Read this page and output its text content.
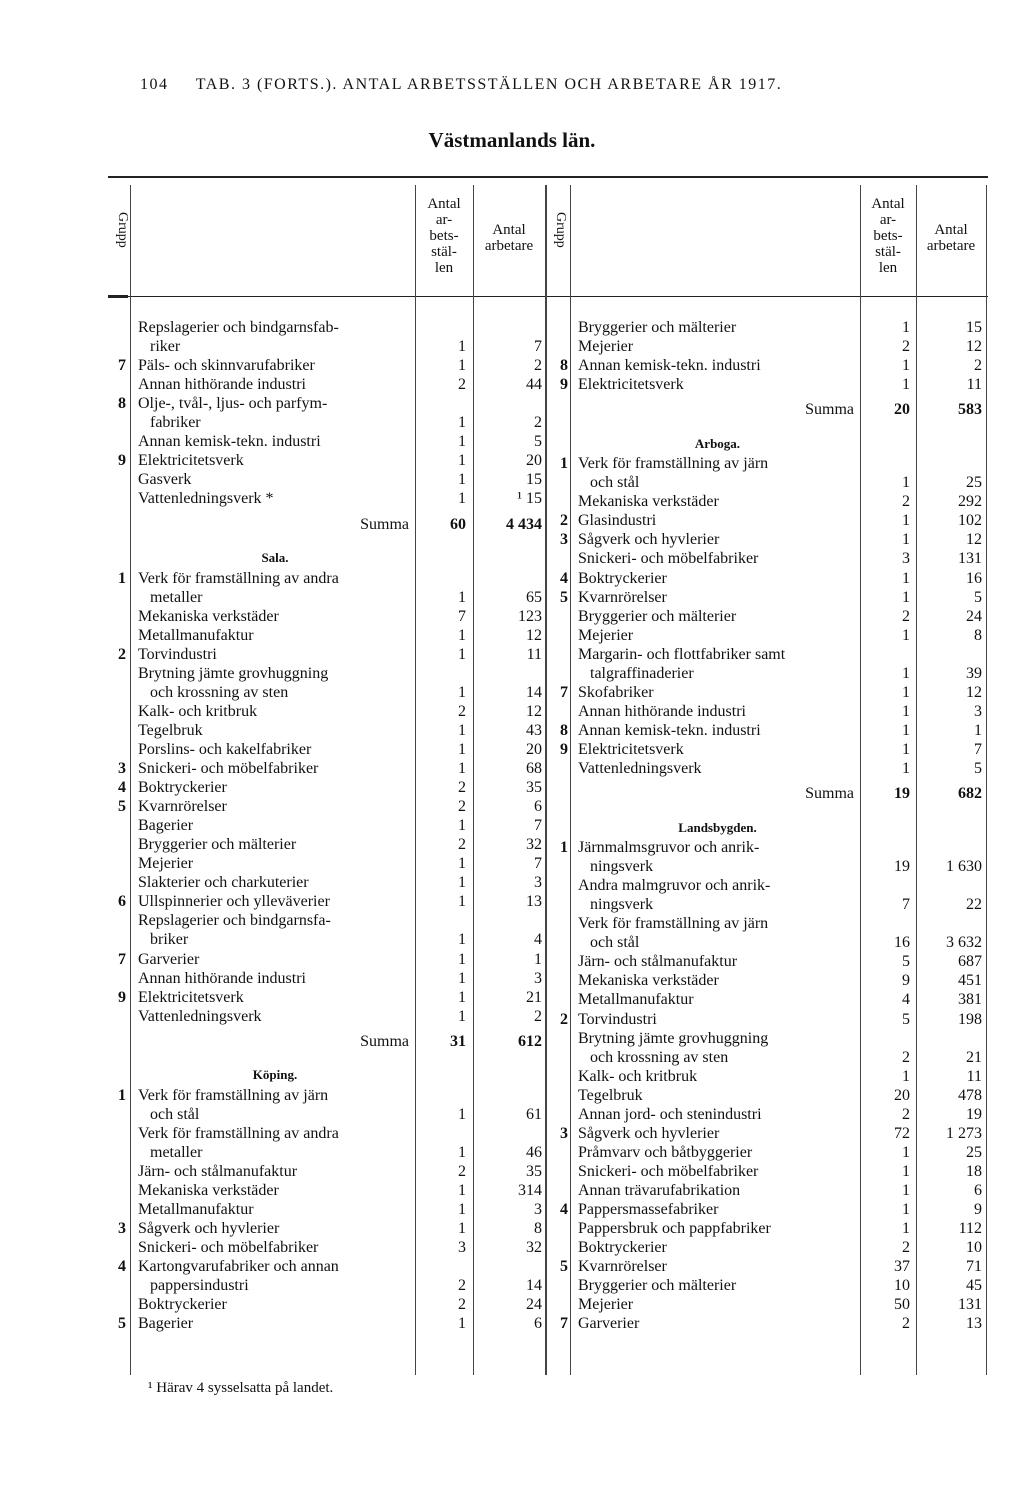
104 TAB. 3 (FORTS.). ANTAL ARBETSSTÄLLEN OCH ARBETARE ÅR 1917.
Västmanlands län.
Grupp	Grupp
Antal
ar-
bets-
stäl-
len
Antal
arbetare
Antal
ar-
bets-
stäl-
len
Antal
arbetare
Repslagerier och bindgarnsfab-
riker . . .	1	7
7 Päls- och skinnvarufabriker . . .	1	2
Annan hithörande industri . . .	2	44
8 Olje-, tvål-, ljus- och parfym-
fabriker . . .	1	2
Annan kemisk-tekn. industri . . .	1	5
9 Elektricitetsverk . . .	1	20
Gasverk . . .	1	15
Vattenledningsverk * . . .	1	¹ 15
Summa	60	4 434
Sala.
1 Verk för framställning av andra
metaller . . .	1	65
Mekaniska verkstäder . . .	7	123
Metallmanufaktur . . .	1	12
2 Torvindustri . . .	1	11
Brytning jämte grovhuggning
och krossning av sten . . .	1	14
Kalk- och kritbruk . . .	2	12
Tegelbruk . . .	1	43
Porslins- och kakelfabriker . . .	1	20
3 Snickeri- och möbelfabriker . . .	1	68
4 Boktryckerier . . .	2	35
5 Kvarnrörelser . . .	2	6
Bagerier . . .	1	7
Bryggerier och mälterier . . .	2	32
Mejerier . . .	1	7
Slakterier och charkuterier . . .	1	3
6 Ullspinnerier och ylleväverier . . .	1	13
Repslagerier och bindgarnsfa-
briker . . .	1	4
7 Garverier . . .	1	1
Annan hithörande industri . . .	1	3
9 Elektricitetsverk . . .	1	21
Vattenledningsverk . . .	1	2
Summa	31	612
Köping.
1 Verk för framställning av järn
och stål . . .	1	61
Verk för framställning av andra
metaller . . .	1	46
Järn- och stålmanufaktur . . .	2	35
Mekaniska verkstäder . . .	1	314
Metallmanufaktur . . .	1	3
3 Sågverk och hyvlerier . . .	1	8
Snickeri- och möbelfabriker . . .	3	32
4 Kartongvarufabriker och annan
pappersindustri . . .	2	14
Boktryckerier . . .	2	24
5 Bagerier . . .	1	6
Bryggerier och mälterier . . .	1	15
Mejerier . . .	2	12
8 Annan kemisk-tekn. industri . . .	1	2
9 Elektricitetsverk . . .	1	11
Summa	20	583
Arboga.
1 Verk för framställning av järn
och stål . . .	1	25
Mekaniska verkstäder . . .	2	292
2 Glasindustri . . .	1	102
3 Sågverk och hyvlerier . . .	1	12
Snickeri- och möbelfabriker . . .	3	131
4 Boktryckerier . . .	1	16
5 Kvarnrörelser . . .	1	5
Bryggerier och mälterier . . .	2	24
Mejerier . . .	1	8
Margarin- och flottfabriker samt
talgraffinaderier . . .	1	39
7 Skofabriker . . .	1	12
Annan hithörande industri . . .	1	3
8 Annan kemisk-tekn. industri . . .	1	1
9 Elektricitetsverk . . .	1	7
Vattenledningsverk . . .	1	5
Summa	19	682
Landsbygden.
1 Järnmalmsgruvor och anrik-
ningsverk . . .	19	1 630
Andra malmgruvor och anrik-
ningsverk . . .	7	22
Verk för framställning av järn
och stål . . .	16	3 632
Järn- och stålmanufaktur . . .	5	687
Mekaniska verkstäder . . .	9	451
Metallmanufaktur . . .	4	381
2 Torvindustri . . .	5	198
Brytning jämte grovhuggning
och krossning av sten . . .	2	21
Kalk- och kritbruk . . .	1	11
Tegelbruk . . .	20	478
Annan jord- och stenindustri . . .	2	19
3 Sågverk och hyvlerier . . .	72	1 273
Pråmvarv och båtbyggerier . . .	1	25
Snickeri- och möbelfabriker . . .	1	18
Annan trävarufabrikation . . .	1	6
4 Pappersmassefabriker . . .	1	9
Pappersbruk och pappfabriker . . .	1	112
Boktryckerier . . .	2	10
5 Kvarnrörelser . . .	37	71
Bryggerier och mälterier . . .	10	45
Mejerier . . .	50	131
7 Garverier . . .	2	13
¹ Härav 4 sysselsatta på landet.
